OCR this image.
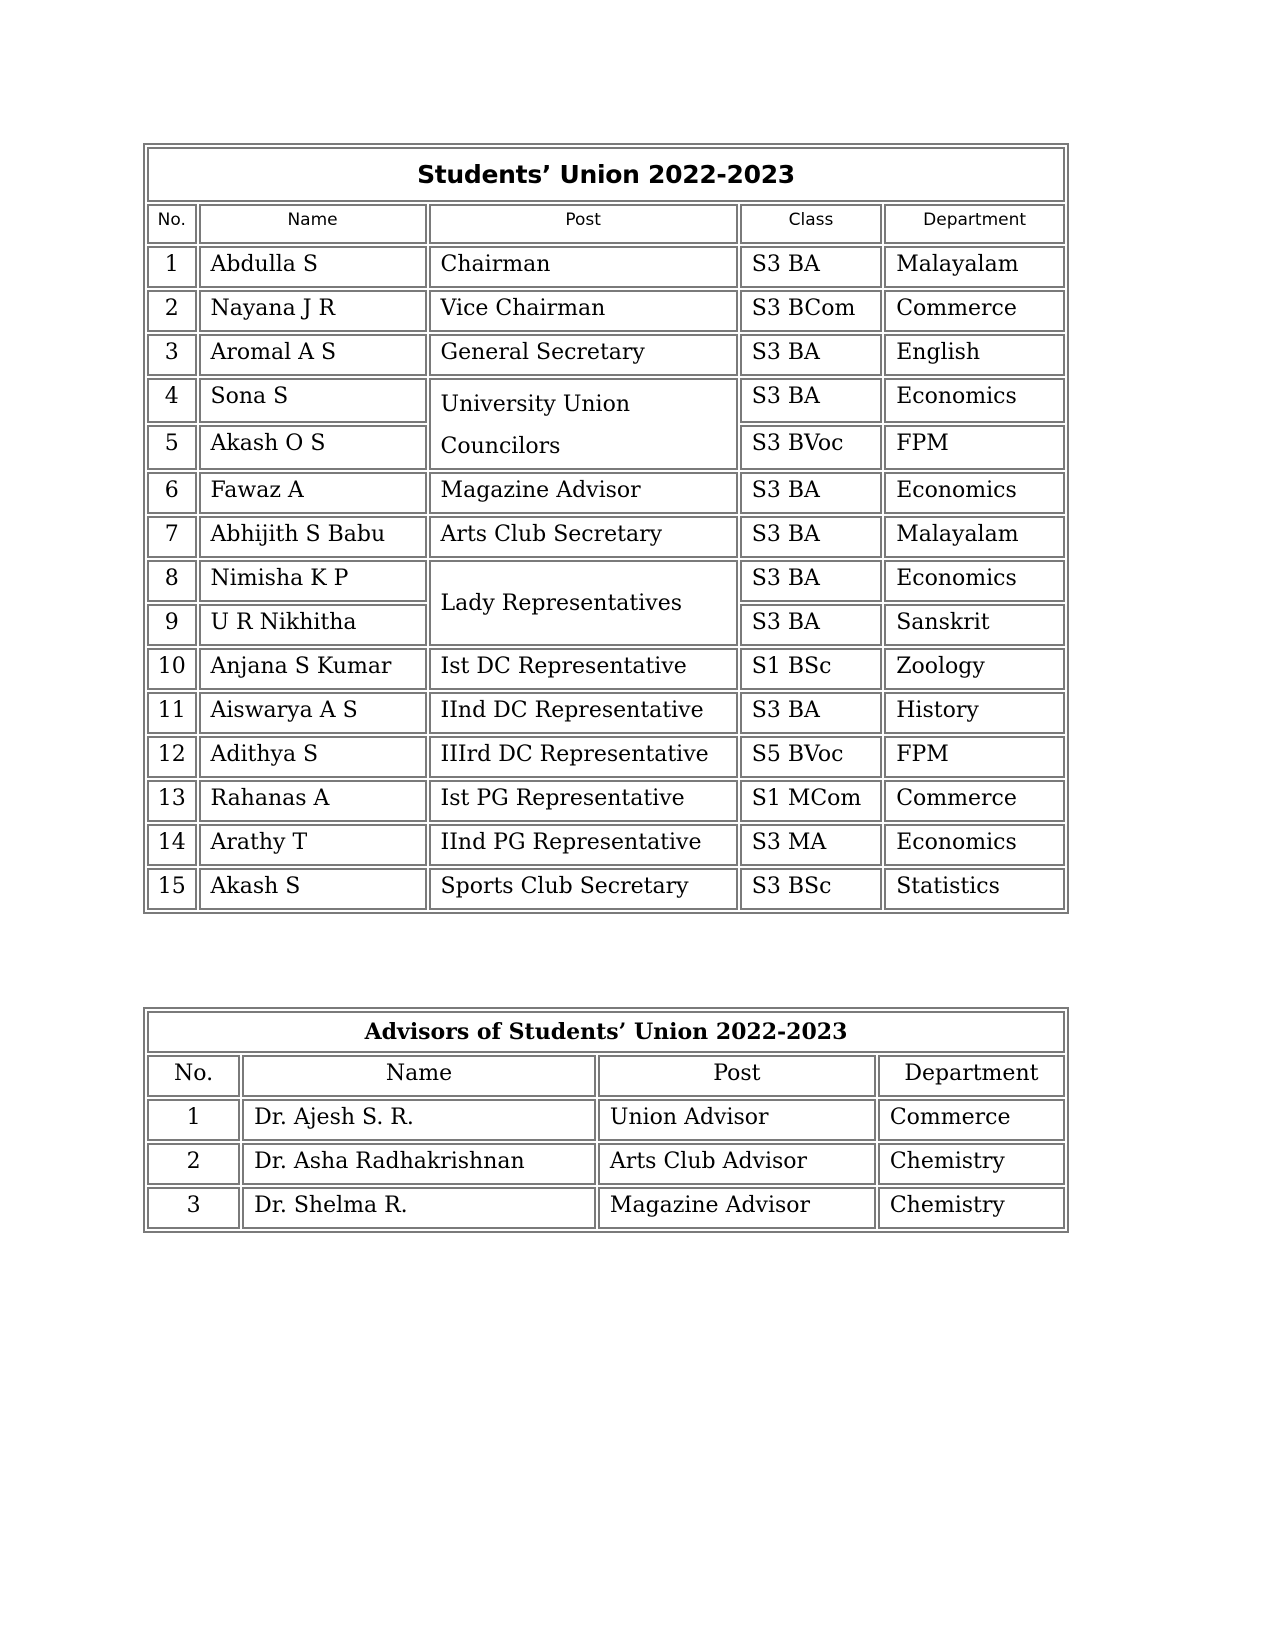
Students’ Union 2022-2023				
No.	Name	Post	Class	Department
1	Abdulla S	Chairman	S3 BA	Malayalam
2	Nayana J R	Vice Chairman	S3 BCom	Commerce
3	Aromal A S	General Secretary	S3 BA	English
4	Sona S	University Union Councilors	S3 BA	Economics
5	Akash O S		S3 BVoc	FPM
6	Fawaz A	Magazine Advisor	S3 BA	Economics
7	Abhijith S Babu	Arts Club Secretary	S3 BA	Malayalam
8	Nimisha K P	Lady Representatives	S3 BA	Economics
9	U R Nikhitha		S3 BA	Sanskrit
10	Anjana S Kumar	Ist DC Representative	S1 BSc	Zoology
11	Aiswarya A S	IInd DC Representative	S3 BA	History
12	Adithya S	IIIrd DC Representative	S5 BVoc	FPM
13	Rahanas A	Ist PG Representative	S1 MCom	Commerce
14	Arathy T	IInd PG Representative	S3 MA	Economics
15	Akash S	Sports Club Secretary	S3 BSc	Statistics
Advisors of Students’ Union 2022-2023			
No.	Name	Post	Department
1	Dr. Ajesh S. R.	Union Advisor	Commerce
2	Dr. Asha Radhakrishnan	Arts Club Advisor	Chemistry
3	Dr. Shelma R.	Magazine Advisor	Chemistry
